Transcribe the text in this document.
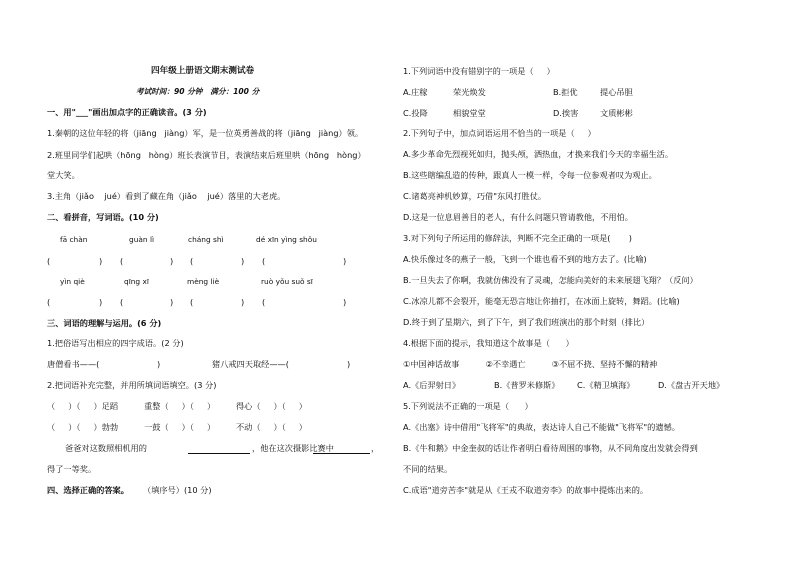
四年级上册语文期末测试卷
考试时间：90 分钟   满分：100 分
一、用"___"画出加点字的正确读音。(3 分)
1.秦朝的这位年轻的将（jiāng   jiàng）军，是一位英勇善战的将（jiāng   jiàng）领。
2.班里同学们起哄（hōng   hòng）班长表演节目，表演结束后班里哄（hōng   hòng）
堂大笑。
3.主角（jiǎo    jué）看到了藏在角（jiǎo    jué）落里的大老虎。
二、看拼音，写词语。(10 分)
fā chàn	guàn lì	cháng shì	dé xīn yìng shǒu
(	) (	) (	) (	)
yìn qiè	qīng xī	mèng liè	ruò yǒu suǒ sī
(	) (	) (	) (	)
三、词语的理解与运用。(6 分)
1.把俗语写出相应的四字成语。(2 分)
唐僧看书——(	)	猪八戒四天取经——(	)
2.把词语补充完整，并用所填词语填空。(3 分)
（     ）（     ）足蹈          重整（     ）（     ）        得心（     ）（     ）
（     ）（     ）勃勃          一鼓（     ）（     ）        不动（     ）（     ）
爸爸对这数照相机用的	，他在这次摄影比赛中	，
得了一等奖。
四、选择正确的答案。 （填序号）(10 分)
1.下列词语中没有错别字的一项是（     ）
A.庄稼	荣光焕发	B.拒优	提心吊胆
C.投降	相貌堂堂	D.挨害	文质彬彬
2.下列句子中，加点词语运用不恰当的一项是（     ）
A.多少革命先烈视死如归，抛头颅，洒热血，才换来我们今天的幸福生活。
B.这些瞎编乱造的传种，跟真人一模一样，令每一位参观者叹为观止。
C.诸葛亮神机妙算，巧借"东风打胜仗。
D.这是一位息眉善目的老人，有什么问题只管请教他，不用怕。
3.对下列句子所运用的修辞法，判断不完全正确的一项是(       )
A.快乐像过冬的燕子一般，飞到一个谁也看不到的地方去了。(比喻)
B.一旦失去了你啊，我就仿佛没有了灵魂，怎能向美好的未来展翅飞翔？（反问）
C.冰凉儿都不会裂开，能毫无恐言地让你抽打，在冰面上旋转，舞蹈。(比喻)
D.终于到了星期六，到了下午，到了我们班演出的那个时刻（排比）
4.根据下面的提示，我知道这个故事是（      ）
①中国神话故事          ②不幸遇亡          ③不屈不挠、坚持不懈的精神
A.《后羿射日》	B.《普罗米修斯》 C.《精卫填海》	D.《盘古开天地》
5.下列说法不正确的一项是（      ）
A.《出塞》诗中借用"飞将军"的典故，表达诗人自己不能做"飞将军"的遗憾。
B.《牛和鹅》中金奎叔的话让作者明白看待周围的事物，从不同角度出发就会得到
不同的结果。
C.成语"道旁苦李"就是从《王戎不取道旁李》的故事中提炼出来的。
